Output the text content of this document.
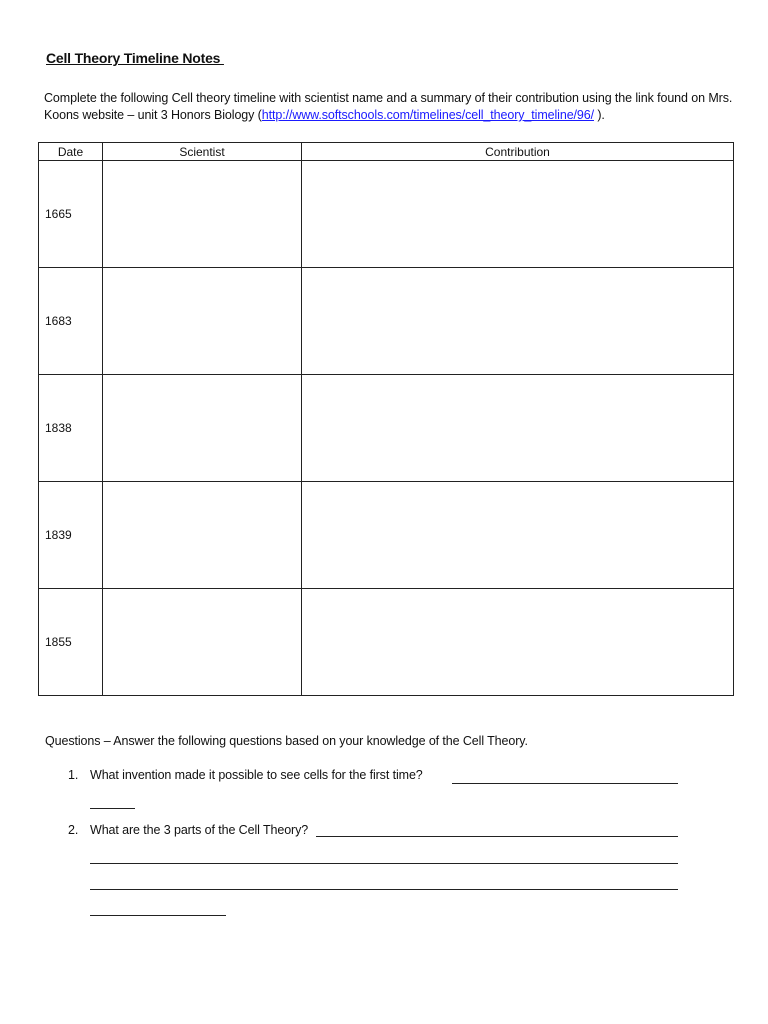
Cell Theory Timeline Notes
Complete the following Cell theory timeline with scientist name and a summary of their contribution using the link found on Mrs. Koons website – unit 3 Honors Biology (http://www.softschools.com/timelines/cell_theory_timeline/96/ ).
Date	Scientist	Contribution
1665		
1683		
1838		
1839		
1855		
Questions – Answer the following questions based on your knowledge of the Cell Theory.
1. What invention made it possible to see cells for the first time?
2. What are the 3 parts of the Cell Theory?
